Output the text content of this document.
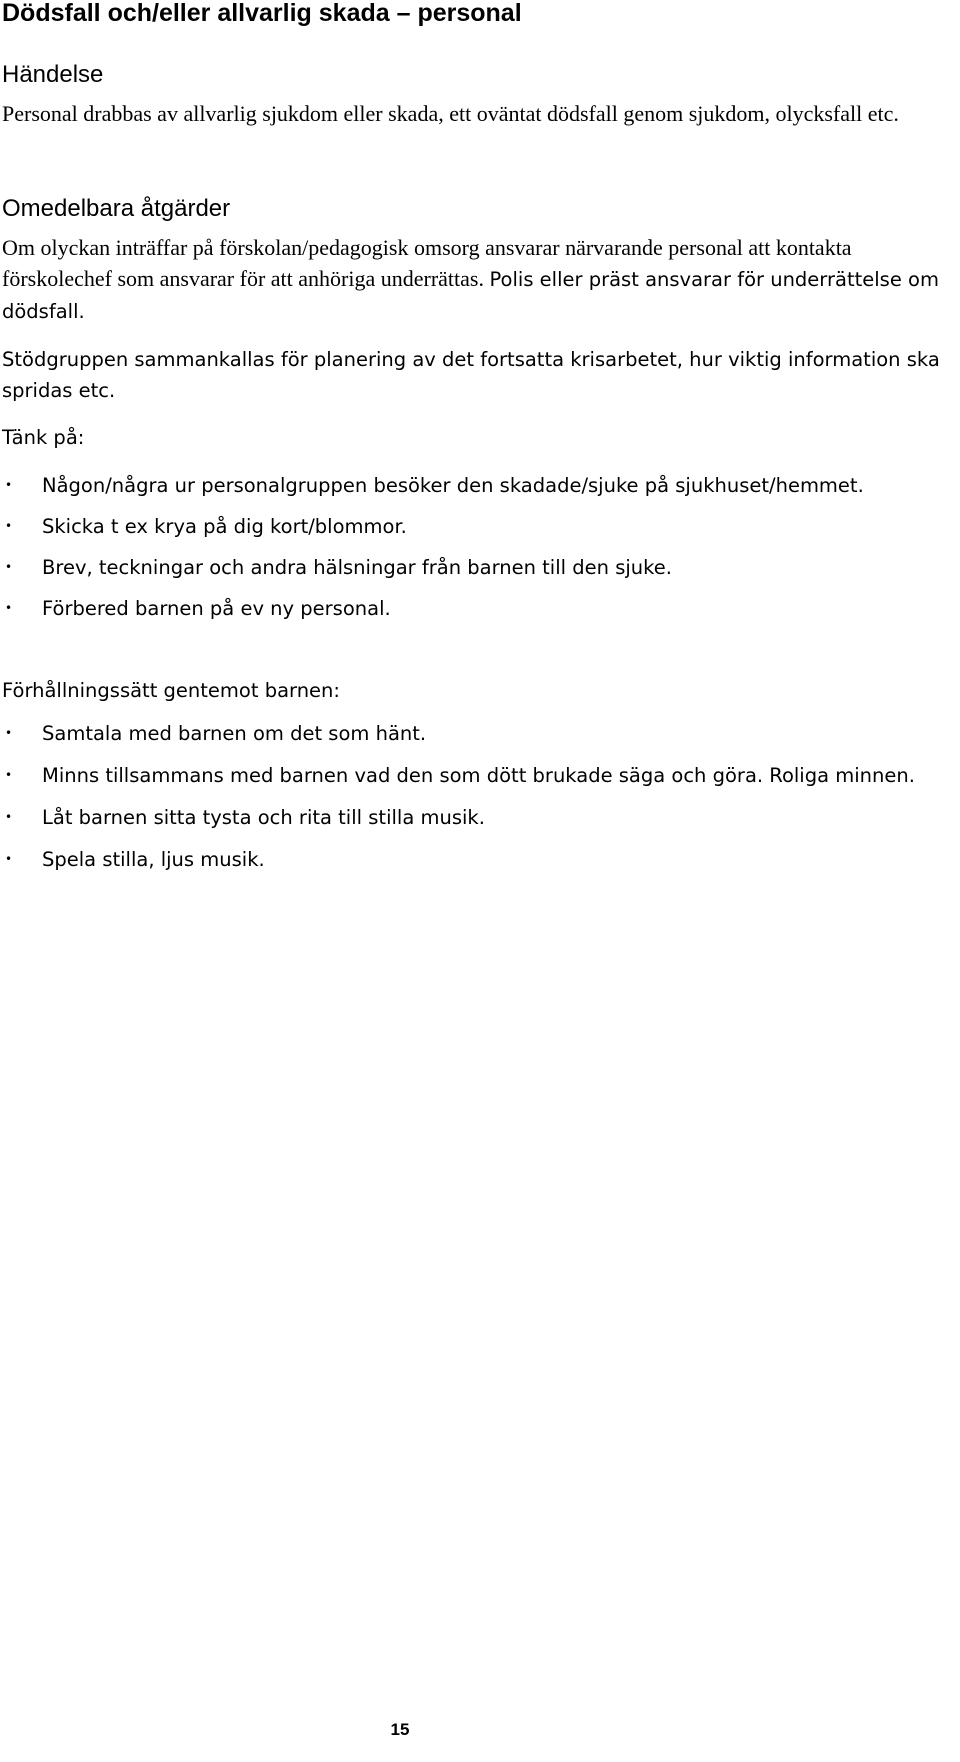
Dödsfall och/eller allvarlig skada – personal
Händelse

Personal drabbas av allvarlig sjukdom eller skada, ett oväntat dödsfall genom sjukdom, olycksfall etc.

Omedelbara åtgärder

Om olyckan inträffar på förskolan/pedagogisk omsorg ansvarar närvarande personal att kontakta förskolechef som ansvarar för att anhöriga underrättas. Polis eller präst ansvarar för underrättelse om dödsfall.

Stödgruppen sammankallas för planering av det fortsatta krisarbetet, hur viktig information ska spridas etc.

Tänk på:

• Någon/några ur personalgruppen besöker den skadade/sjuke på sjukhuset/hemmet.
• Skicka t ex krya på dig kort/blommor.
• Brev, teckningar och andra hälsningar från barnen till den sjuke.
• Förbered barnen på ev ny personal.

Förhållningssätt gentemot barnen:

• Samtala med barnen om det som hänt.
• Minns tillsammans med barnen vad den som dött brukade säga och göra. Roliga minnen.
• Låt barnen sitta tysta och rita till stilla musik.
• Spela stilla, ljus musik.
15
